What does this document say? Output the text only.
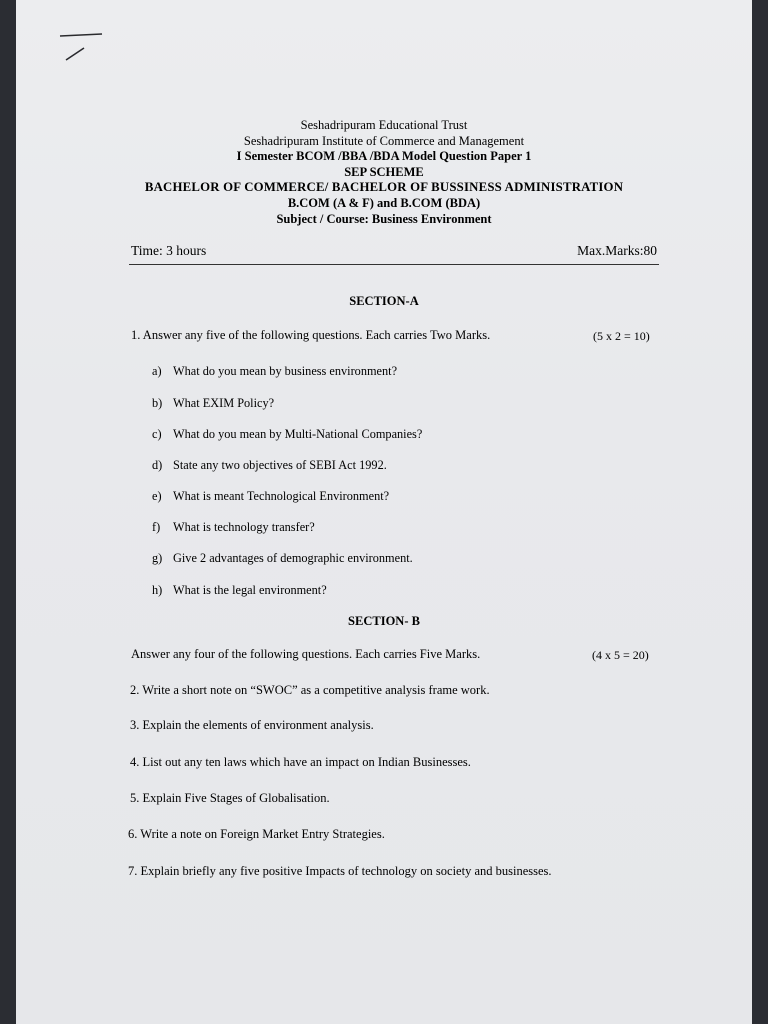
Seshadripuram Educational Trust
Seshadripuram Institute of Commerce and Management
I Semester BCOM /BBA /BDA Model Question Paper 1
SEP SCHEME
BACHELOR OF COMMERCE/ BACHELOR OF BUSSINESS ADMINISTRATION
B.COM (A & F) and B.COM (BDA)
Subject / Course: Business Environment
Time: 3 hours	Max.Marks:80
SECTION-A
1. Answer any five of the following questions. Each carries Two Marks.	(5 x 2 = 10)
a) What do you mean by business environment?
b) What EXIM Policy?
c) What do you mean by Multi-National Companies?
d) State any two objectives of SEBI Act 1992.
e) What is meant Technological Environment?
f) What is technology transfer?
g) Give 2 advantages of demographic environment.
h) What is the legal environment?
SECTION- B
Answer any four of the following questions. Each carries Five Marks.	(4 x 5 = 20)
2. Write a short note on “SWOC” as a competitive analysis frame work.
3. Explain the elements of environment analysis.
4. List out any ten laws which have an impact on Indian Businesses.
5. Explain Five Stages of Globalisation.
6. Write a note on Foreign Market Entry Strategies.
7. Explain briefly any five positive Impacts of technology on society and businesses.
